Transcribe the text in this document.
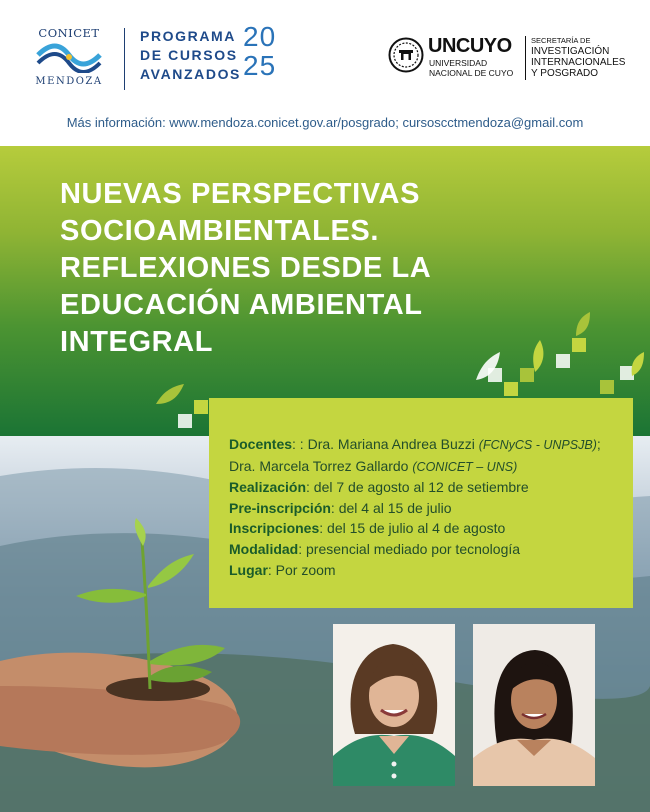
CONICET
MENDOZA
PROGRAMA
DE CURSOS
AVANZADOS
20
25
UNCUYO
UNIVERSIDAD
NACIONAL DE CUYO
SECRETARÍA DE
INVESTIGACIÓN
INTERNACIONALES
Y POSGRADO
Más información: www.mendoza.conicet.gov.ar/posgrado; cursoscctmendoza@gmail.com
NUEVAS PERSPECTIVAS
SOCIOAMBIENTALES.
REFLEXIONES DESDE LA
EDUCACIÓN AMBIENTAL
INTEGRAL
Docentes: : Dra. Mariana Andrea Buzzi (FCNyCS - UNPSJB);
Dra. Marcela Torrez Gallardo (CONICET – UNS)
Realización: del 7 de agosto al 12 de setiembre
Pre-inscripción: del 4 al 15 de julio
Inscripciones: del 15 de julio al 4 de agosto
Modalidad: presencial mediado por tecnología
Lugar: Por zoom
